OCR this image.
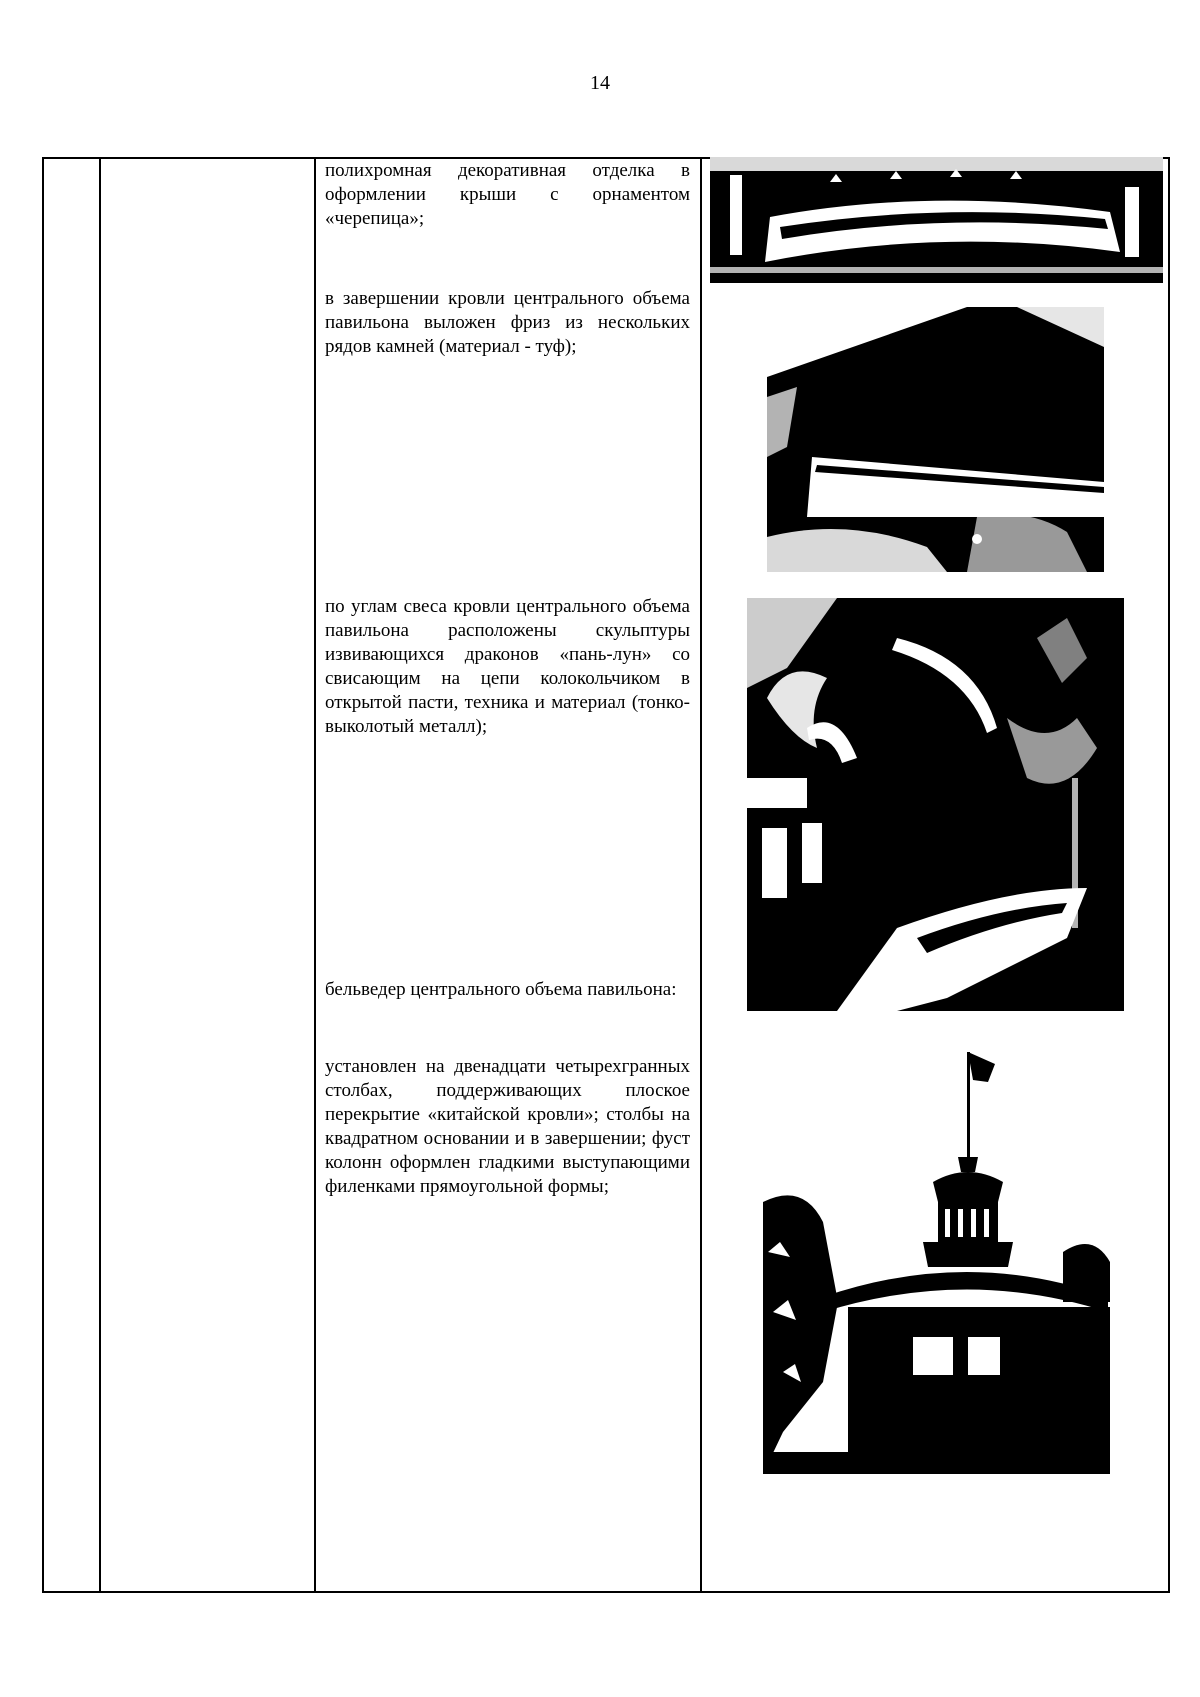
14

полихромная декоративная отделка в оформлении крыши с орнаментом «черепица»;

в завершении кровли центрального объема павильона выложен фриз из нескольких рядов камней (материал - туф);

по углам свеса кровли центрального объема павильона расположены скульптуры извивающихся драконов «пань-лун» со свисающим на цепи колокольчиком в открытой пасти, техника и материал (тонко-выколотый металл);

бельведер центрального объема павильона:

установлен на двенадцати четырехгранных столбах, поддерживающих плоское перекрытие «китайской кровли»; столбы на квадратном основании и в завершении; фуст колонн оформлен гладкими выступающими филенками прямоугольной формы;
